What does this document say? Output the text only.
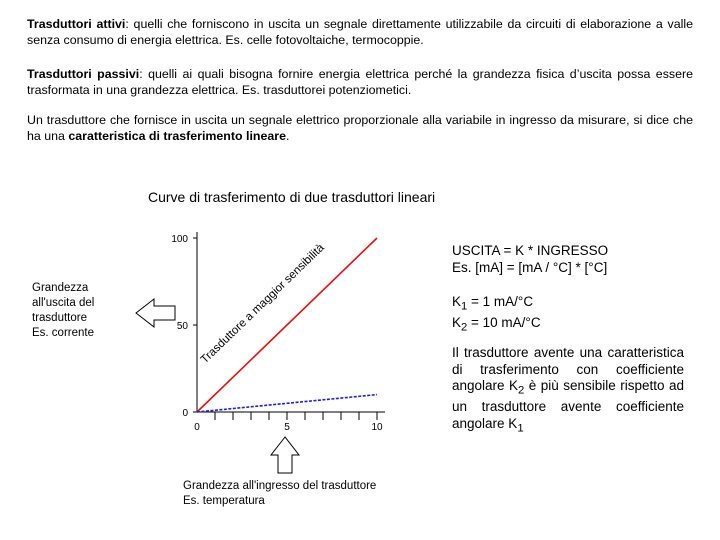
Trasduttori attivi: quelli che forniscono in uscita un segnale direttamente utilizzabile da circuiti di elaborazione a valle senza consumo di energia elettrica. Es. celle fotovoltaiche, termocoppie.

Trasduttori passivi: quelli ai quali bisogna fornire energia elettrica perché la grandezza fisica d’uscita possa essere trasformata in una grandezza elettrica. Es. trasduttorei potenziometici.

Un trasduttore che fornisce in uscita un segnale elettrico proporzionale alla variabile in ingresso da misurare, si dice che ha una caratteristica di trasferimento lineare.

Curve di trasferimento di due trasduttori lineari
Grandezza
all'uscita del
trasduttore
Es. corrente
Grandezza all'ingresso del trasduttore
Es. temperatura
USCITA = K * INGRESSO
Es. [mA] = [mA / °C] * [°C]
$K_1 = 1$ mA/°C
$K_2 = 10$ mA/°C
Il trasduttore avente una caratteristica di trasferimento con coefficiente angolare $K_2$ è più sensibile rispetto ad un trasduttore avente coefficiente angolare $K_1$
0
50
100
0	5	10
Trasduttore a maggior sensibilità
